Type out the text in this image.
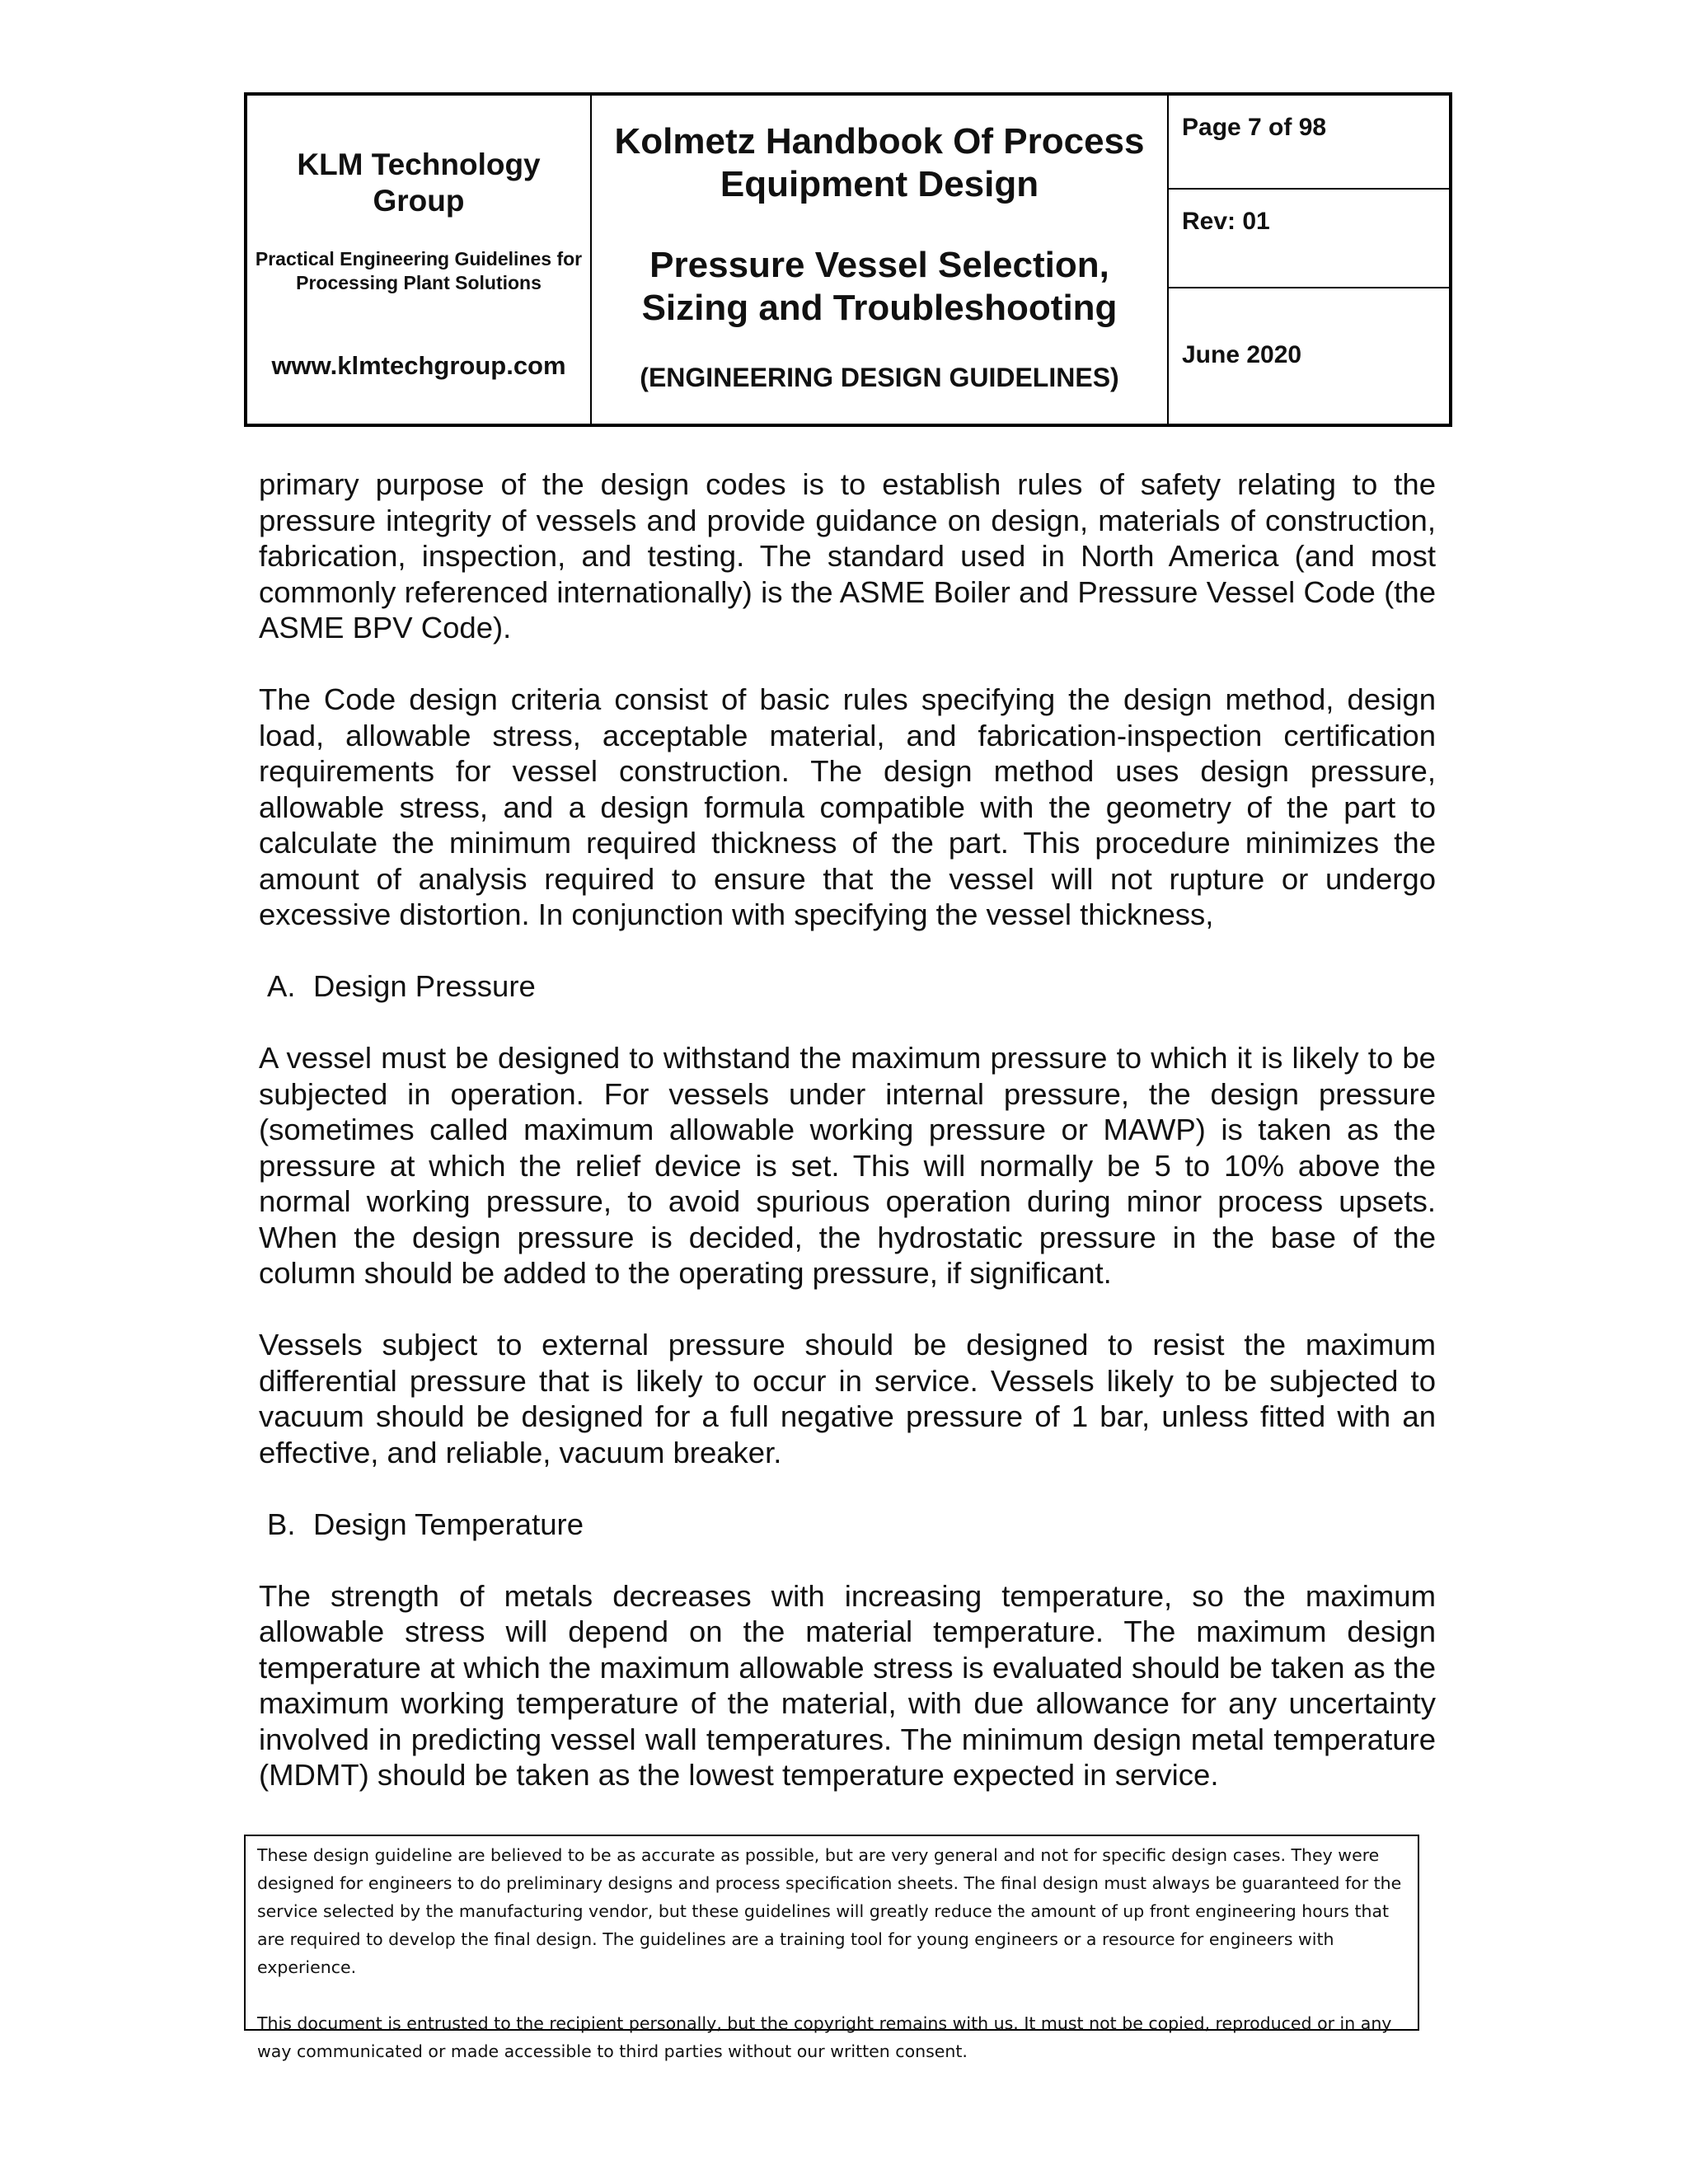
KLM Technology Group
Practical Engineering Guidelines for Processing Plant Solutions
www.klmtechgroup.com
Kolmetz Handbook Of Process Equipment Design
Pressure Vessel Selection, Sizing and Troubleshooting
(ENGINEERING DESIGN GUIDELINES)
Page 7 of 98
Rev: 01
June 2020

primary purpose of the design codes is to establish rules of safety relating to the pressure integrity of vessels and provide guidance on design, materials of construction, fabrication, inspection, and testing. The standard used in North America (and most commonly referenced internationally) is the ASME Boiler and Pressure Vessel Code (the ASME BPV Code).

The Code design criteria consist of basic rules specifying the design method, design load, allowable stress, acceptable material, and fabrication-inspection certification requirements for vessel construction. The design method uses design pressure, allowable stress, and a design formula compatible with the geometry of the part to calculate the minimum required thickness of the part. This procedure minimizes the amount of analysis required to ensure that the vessel will not rupture or undergo excessive distortion. In conjunction with specifying the vessel thickness,

A. Design Pressure

A vessel must be designed to withstand the maximum pressure to which it is likely to be subjected in operation. For vessels under internal pressure, the design pressure (sometimes called maximum allowable working pressure or MAWP) is taken as the pressure at which the relief device is set. This will normally be 5 to 10% above the normal working pressure, to avoid spurious operation during minor process upsets. When the design pressure is decided, the hydrostatic pressure in the base of the column should be added to the operating pressure, if significant.

Vessels subject to external pressure should be designed to resist the maximum differential pressure that is likely to occur in service. Vessels likely to be subjected to vacuum should be designed for a full negative pressure of 1 bar, unless fitted with an effective, and reliable, vacuum breaker.

B. Design Temperature

The strength of metals decreases with increasing temperature, so the maximum allowable stress will depend on the material temperature. The maximum design temperature at which the maximum allowable stress is evaluated should be taken as the maximum working temperature of the material, with due allowance for any uncertainty involved in predicting vessel wall temperatures. The minimum design metal temperature (MDMT) should be taken as the lowest temperature expected in service.

These design guideline are believed to be as accurate as possible, but are very general and not for specific design cases. They were designed for engineers to do preliminary designs and process specification sheets. The final design must always be guaranteed for the service selected by the manufacturing vendor, but these guidelines will greatly reduce the amount of up front engineering hours that are required to develop the final design. The guidelines are a training tool for young engineers or a resource for engineers with experience.

This document is entrusted to the recipient personally, but the copyright remains with us. It must not be copied, reproduced or in any way communicated or made accessible to third parties without our written consent.
